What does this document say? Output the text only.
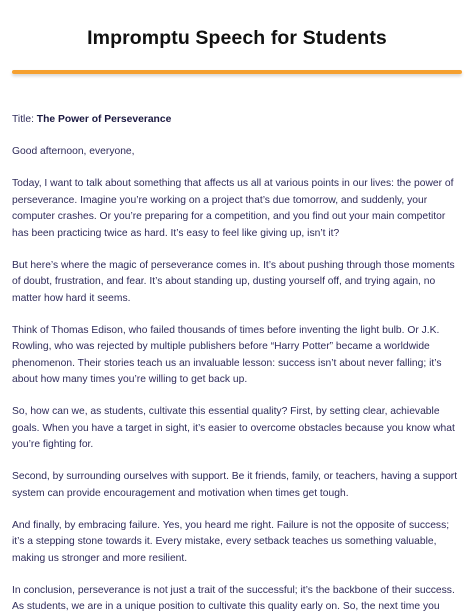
Impromptu Speech for Students

Title: The Power of Perseverance

Good afternoon, everyone,

Today, I want to talk about something that affects us all at various points in our lives: the power of perseverance. Imagine you’re working on a project that’s due tomorrow, and suddenly, your computer crashes. Or you’re preparing for a competition, and you find out your main competitor has been practicing twice as hard. It’s easy to feel like giving up, isn’t it?

But here’s where the magic of perseverance comes in. It’s about pushing through those moments of doubt, frustration, and fear. It’s about standing up, dusting yourself off, and trying again, no matter how hard it seems.

Think of Thomas Edison, who failed thousands of times before inventing the light bulb. Or J.K. Rowling, who was rejected by multiple publishers before “Harry Potter” became a worldwide phenomenon. Their stories teach us an invaluable lesson: success isn’t about never falling; it’s about how many times you’re willing to get back up.

So, how can we, as students, cultivate this essential quality? First, by setting clear, achievable goals. When you have a target in sight, it’s easier to overcome obstacles because you know what you’re fighting for.

Second, by surrounding ourselves with support. Be it friends, family, or teachers, having a support system can provide encouragement and motivation when times get tough.

And finally, by embracing failure. Yes, you heard me right. Failure is not the opposite of success; it’s a stepping stone towards it. Every mistake, every setback teaches us something valuable, making us stronger and more resilient.

In conclusion, perseverance is not just a trait of the successful; it’s the backbone of their success. As students, we are in a unique position to cultivate this quality early on. So, the next time you
